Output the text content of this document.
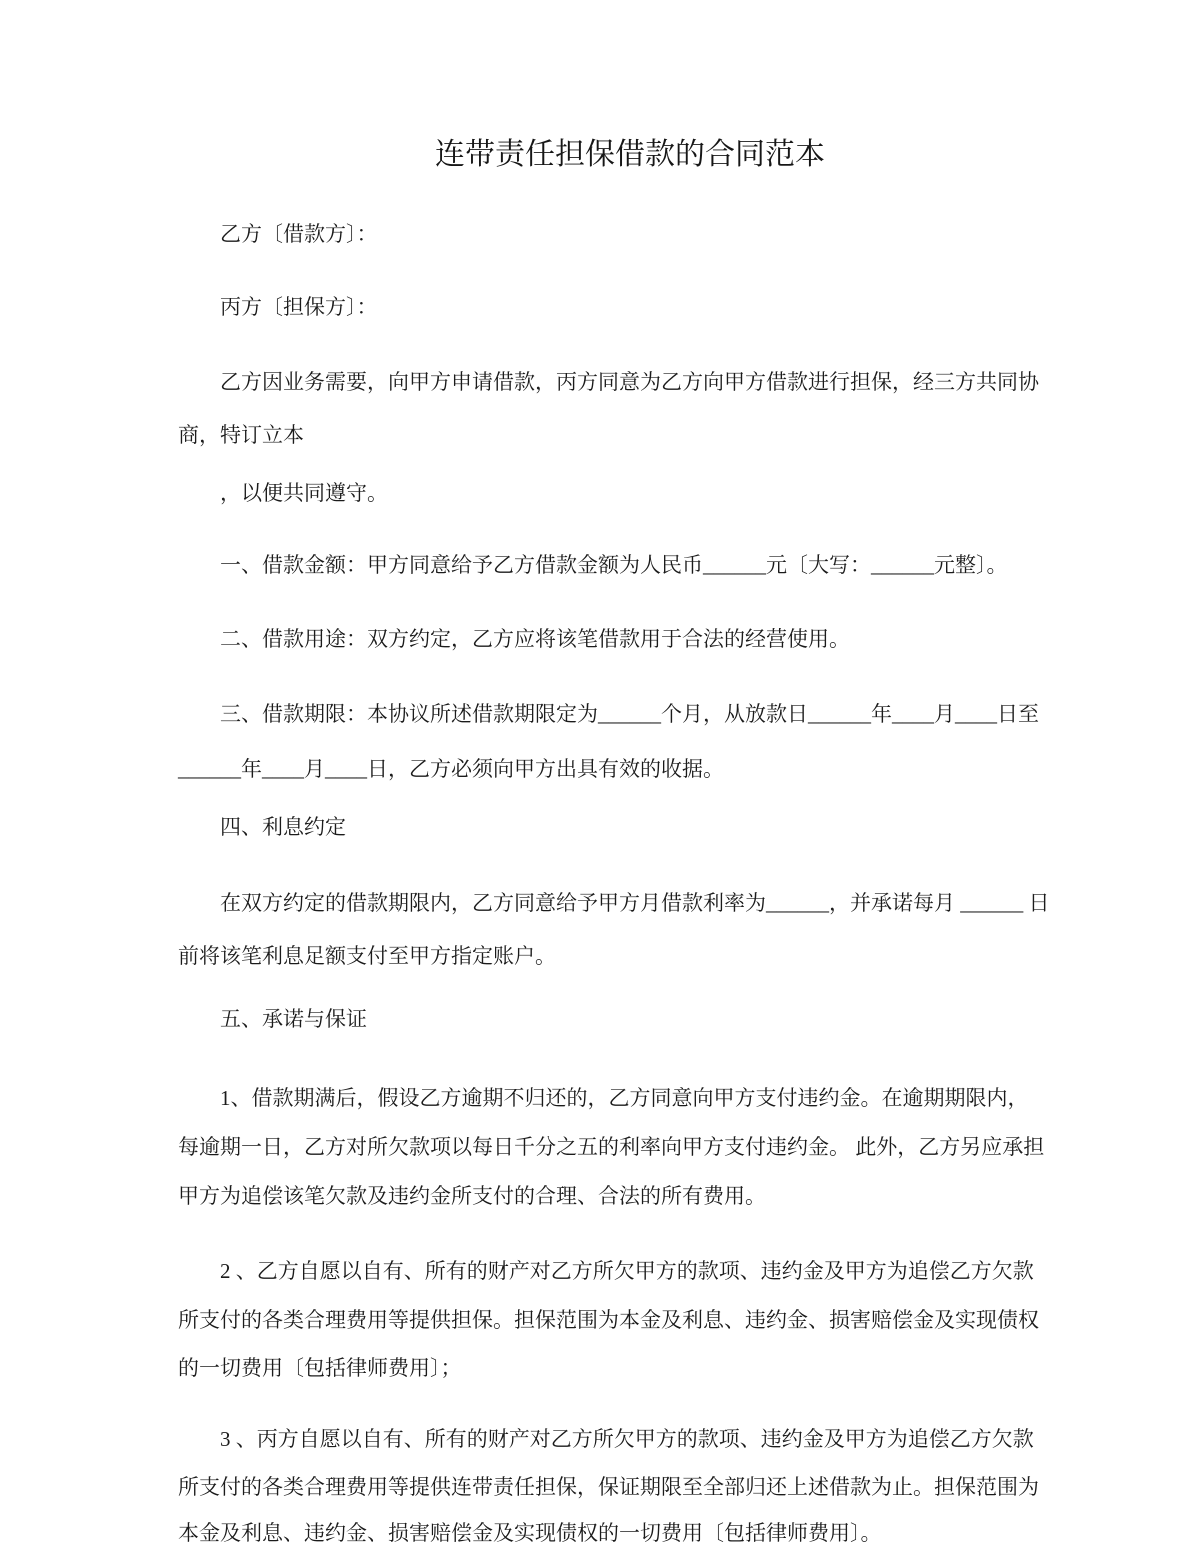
连带责任担保借款的合同范本
乙方〔借款方〕：
丙方〔担保方〕：
乙方因业务需要，向甲方申请借款，丙方同意为乙方向甲方借款进行担保，经三方共同协
商，特订立本
，以便共同遵守。
一、借款金额：甲方同意给予乙方借款金额为人民币______元〔大写：______元整〕。
二、借款用途：双方约定，乙方应将该笔借款用于合法的经营使用。
三、借款期限：本协议所述借款期限定为______个月，从放款日______年____月____日至
______年____月____日，乙方必须向甲方出具有效的收据。
四、利息约定
在双方约定的借款期限内，乙方同意给予甲方月借款利率为______，并承诺每月 ______ 日
前将该笔利息足额支付至甲方指定账户。
五、承诺与保证
1、借款期满后，假设乙方逾期不归还的，乙方同意向甲方支付违约金。在逾期期限内，
每逾期一日，乙方对所欠款项以每日千分之五的利率向甲方支付违约金。 此外，乙方另应承担
甲方为追偿该笔欠款及违约金所支付的合理、合法的所有费用。
2 、乙方自愿以自有、所有的财产对乙方所欠甲方的款项、违约金及甲方为追偿乙方欠款
所支付的各类合理费用等提供担保。担保范围为本金及利息、违约金、损害赔偿金及实现债权
的一切费用〔包括律师费用〕；
3 、丙方自愿以自有、所有的财产对乙方所欠甲方的款项、违约金及甲方为追偿乙方欠款
所支付的各类合理费用等提供连带责任担保，保证期限至全部归还上述借款为止。担保范围为
本金及利息、违约金、损害赔偿金及实现债权的一切费用〔包括律师费用〕。
